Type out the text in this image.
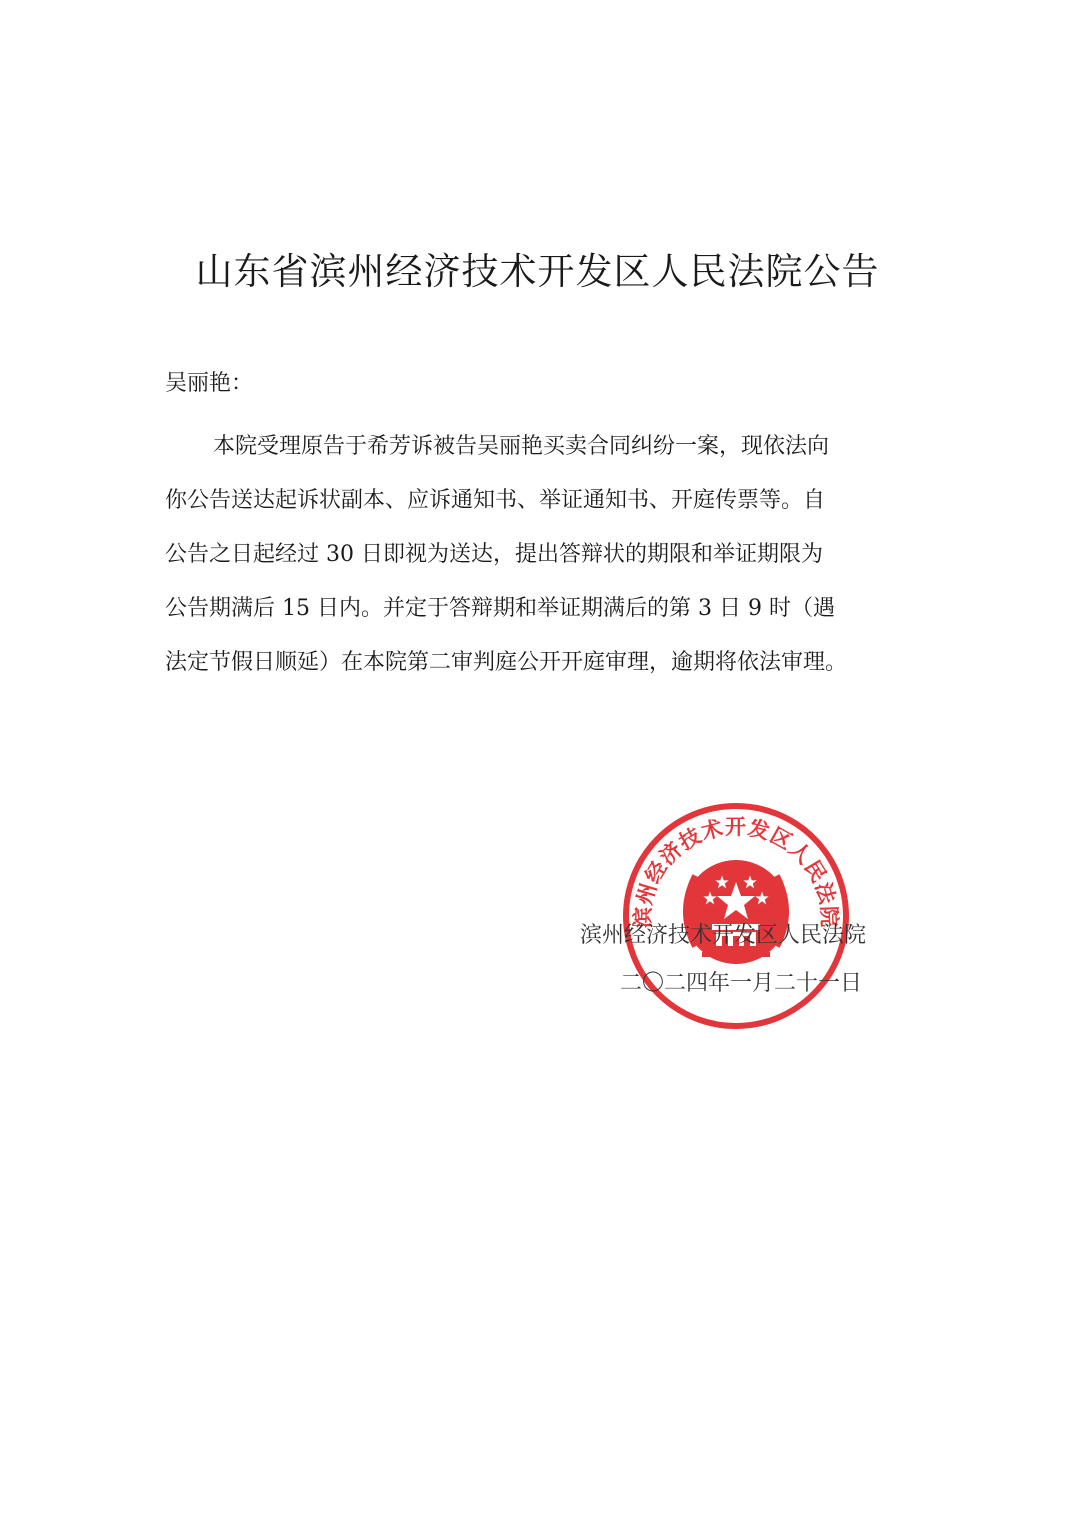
山东省滨州经济技术开发区人民法院公告

吴丽艳：

本院受理原告于希芳诉被告吴丽艳买卖合同纠纷一案，现依法向
你公告送达起诉状副本、应诉通知书、举证通知书、开庭传票等。自
公告之日起经过 30 日即视为送达，提出答辩状的期限和举证期限为
公告期满后 15 日内。并定于答辩期和举证期满后的第 3 日 9 时（遇
法定节假日顺延）在本院第二审判庭公开开庭审理，逾期将依法审理。
滨州经济技术开发区人民法院

滨州经济技术开发区人民法院

二〇二四年一月二十一日
